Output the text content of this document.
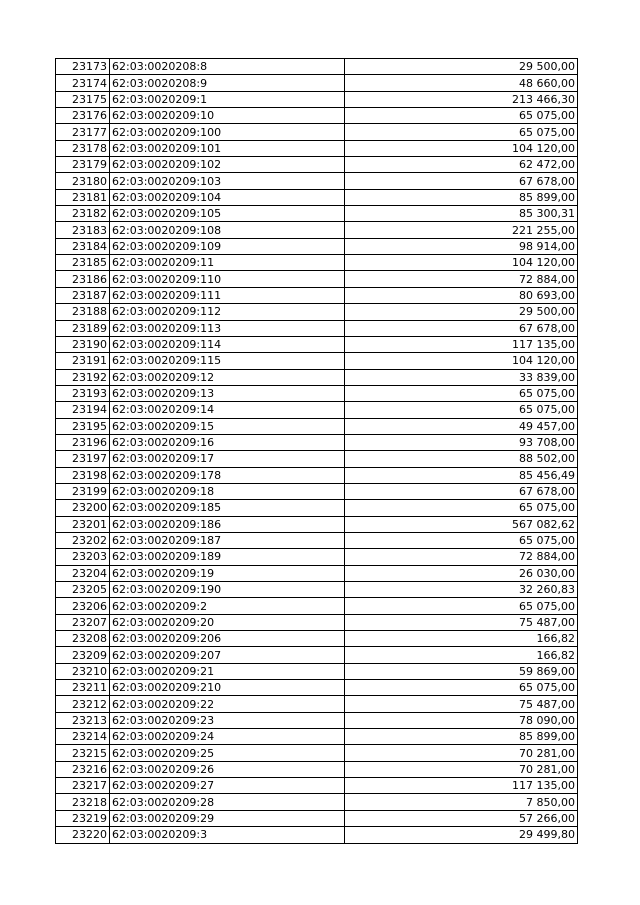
23173	62:03:0020208:8	29 500,00
23174	62:03:0020208:9	48 660,00
23175	62:03:0020209:1	213 466,30
23176	62:03:0020209:10	65 075,00
23177	62:03:0020209:100	65 075,00
23178	62:03:0020209:101	104 120,00
23179	62:03:0020209:102	62 472,00
23180	62:03:0020209:103	67 678,00
23181	62:03:0020209:104	85 899,00
23182	62:03:0020209:105	85 300,31
23183	62:03:0020209:108	221 255,00
23184	62:03:0020209:109	98 914,00
23185	62:03:0020209:11	104 120,00
23186	62:03:0020209:110	72 884,00
23187	62:03:0020209:111	80 693,00
23188	62:03:0020209:112	29 500,00
23189	62:03:0020209:113	67 678,00
23190	62:03:0020209:114	117 135,00
23191	62:03:0020209:115	104 120,00
23192	62:03:0020209:12	33 839,00
23193	62:03:0020209:13	65 075,00
23194	62:03:0020209:14	65 075,00
23195	62:03:0020209:15	49 457,00
23196	62:03:0020209:16	93 708,00
23197	62:03:0020209:17	88 502,00
23198	62:03:0020209:178	85 456,49
23199	62:03:0020209:18	67 678,00
23200	62:03:0020209:185	65 075,00
23201	62:03:0020209:186	567 082,62
23202	62:03:0020209:187	65 075,00
23203	62:03:0020209:189	72 884,00
23204	62:03:0020209:19	26 030,00
23205	62:03:0020209:190	32 260,83
23206	62:03:0020209:2	65 075,00
23207	62:03:0020209:20	75 487,00
23208	62:03:0020209:206	166,82
23209	62:03:0020209:207	166,82
23210	62:03:0020209:21	59 869,00
23211	62:03:0020209:210	65 075,00
23212	62:03:0020209:22	75 487,00
23213	62:03:0020209:23	78 090,00
23214	62:03:0020209:24	85 899,00
23215	62:03:0020209:25	70 281,00
23216	62:03:0020209:26	70 281,00
23217	62:03:0020209:27	117 135,00
23218	62:03:0020209:28	7 850,00
23219	62:03:0020209:29	57 266,00
23220	62:03:0020209:3	29 499,80
